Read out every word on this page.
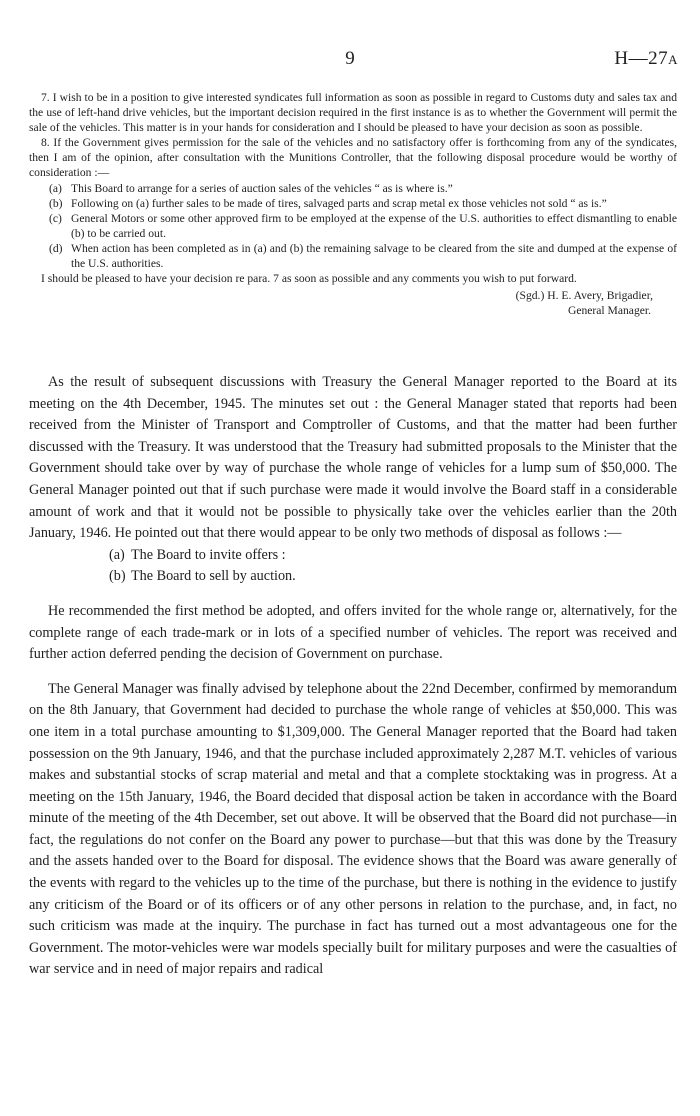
9	H—27A

7. I wish to be in a position to give interested syndicates full information as soon as possible in regard to Customs duty and sales tax and the use of left-hand drive vehicles, but the important decision required in the first instance is as to whether the Government will permit the sale of the vehicles. This matter is in your hands for consideration and I should be pleased to have your decision as soon as possible.

8. If the Government gives permission for the sale of the vehicles and no satisfactory offer is forthcoming from any of the syndicates, then I am of the opinion, after consultation with the Munitions Controller, that the following disposal procedure would be worthy of consideration :—

(a) This Board to arrange for a series of auction sales of the vehicles “ as is where is.”
(b) Following on (a) further sales to be made of tires, salvaged parts and scrap metal ex those vehicles not sold “ as is.”
(c) General Motors or some other approved firm to be employed at the expense of the U.S. authorities to effect dismantling to enable (b) to be carried out.
(d) When action has been completed as in (a) and (b) the remaining salvage to be cleared from the site and dumped at the expense of the U.S. authorities.

I should be pleased to have your decision re para. 7 as soon as possible and any comments you wish to put forward.

(Sgd.) H. E. Avery, Brigadier,
General Manager.

As the result of subsequent discussions with Treasury the General Manager reported to the Board at its meeting on the 4th December, 1945. The minutes set out : the General Manager stated that reports had been received from the Minister of Transport and Comptroller of Customs, and that the matter had been further discussed with the Treasury. It was understood that the Treasury had submitted proposals to the Minister that the Government should take over by way of purchase the whole range of vehicles for a lump sum of $50,000. The General Manager pointed out that if such purchase were made it would involve the Board staff in a considerable amount of work and that it would not be possible to physically take over the vehicles earlier than the 20th January, 1946. He pointed out that there would appear to be only two methods of disposal as follows :—

(a) The Board to invite offers :
(b) The Board to sell by auction.

He recommended the first method be adopted, and offers invited for the whole range or, alternatively, for the complete range of each trade-mark or in lots of a specified number of vehicles. The report was received and further action deferred pending the decision of Government on purchase.

The General Manager was finally advised by telephone about the 22nd December, confirmed by memorandum on the 8th January, that Government had decided to purchase the whole range of vehicles at $50,000. This was one item in a total purchase amounting to $1,309,000. The General Manager reported that the Board had taken possession on the 9th January, 1946, and that the purchase included approximately 2,287 M.T. vehicles of various makes and substantial stocks of scrap material and metal and that a complete stocktaking was in progress. At a meeting on the 15th January, 1946, the Board decided that disposal action be taken in accordance with the Board minute of the meeting of the 4th December, set out above. It will be observed that the Board did not purchase—in fact, the regulations do not confer on the Board any power to purchase—but that this was done by the Treasury and the assets handed over to the Board for disposal. The evidence shows that the Board was aware generally of the events with regard to the vehicles up to the time of the purchase, but there is nothing in the evidence to justify any criticism of the Board or of its officers or of any other persons in relation to the purchase, and, in fact, no such criticism was made at the inquiry. The purchase in fact has turned out a most advantageous one for the Government. The motor-vehicles were war models specially built for military purposes and were the casualties of war service and in need of major repairs and radical
